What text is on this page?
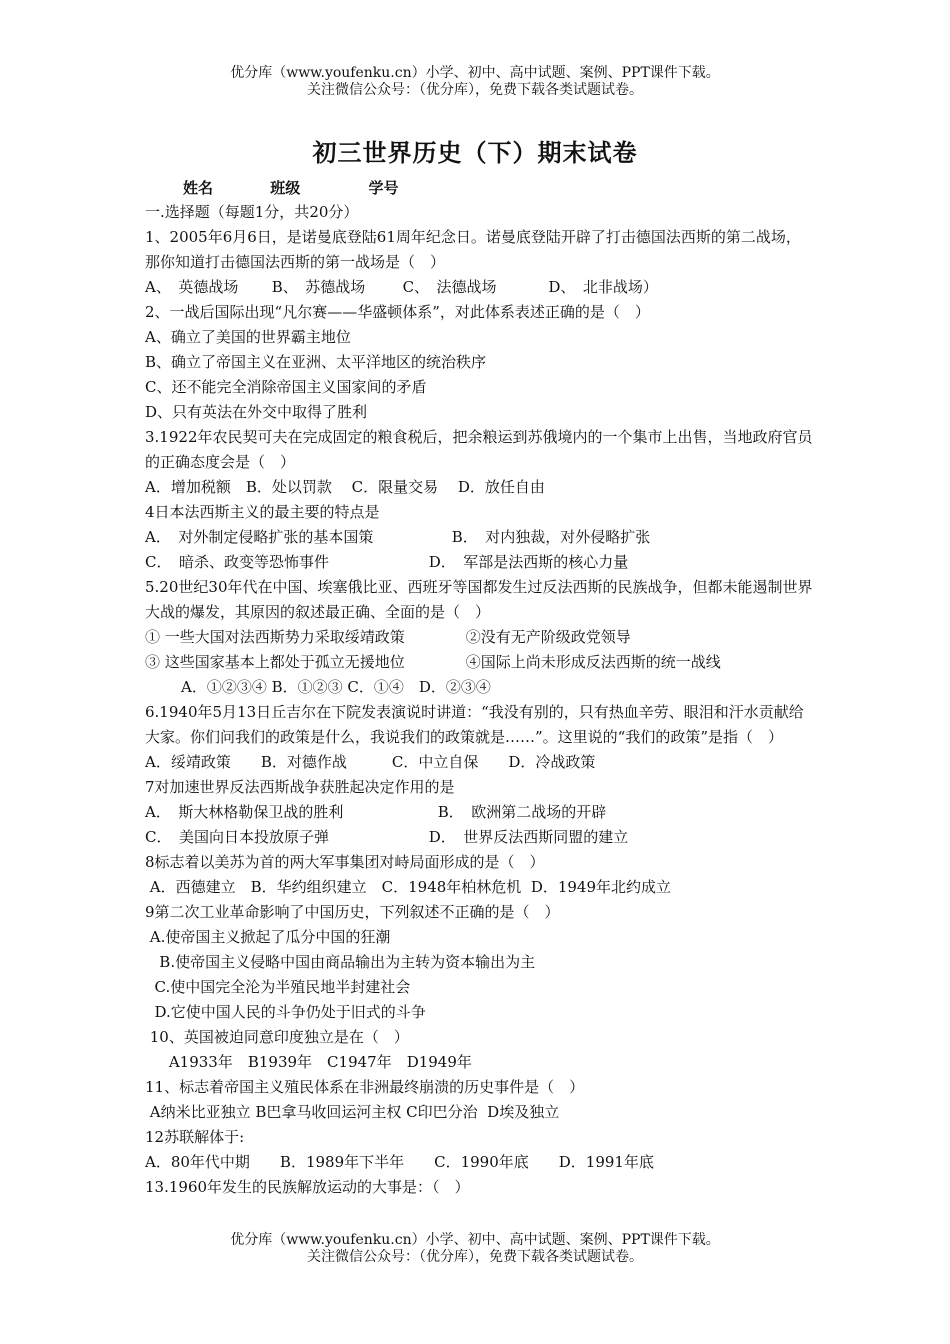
优分库（www.youfenku.cn）小学、初中、高中试题、案例、PPT课件下载。
关注微信公众号：（优分库），免费下载各类试题试卷。
初三世界历史（下）期末试卷
姓名	班级	学号
一.选择题（每题1分，共20分）
1、2005年6月6日，是诺曼底登陆61周年纪念日。诺曼底登陆开辟了打击德国法西斯的第二战场，那你知道打击德国法西斯的第一战场是（　）
A、　英德战场 B、　苏德战场 C、　法德战场	D、　北非战场）
2、一战后国际出现“凡尔赛——华盛顿体系”，对此体系表述正确的是（　）
A、确立了美国的世界霸主地位
B、确立了帝国主义在亚洲、太平洋地区的统治秩序
C、还不能完全消除帝国主义国家间的矛盾
D、只有英法在外交中取得了胜利
3.1922年农民契可夫在完成固定的粮食税后，把余粮运到苏俄境内的一个集市上出售，当地政府官员的正确态度会是（　）
A．增加税额　B．处以罚款　 C．限量交易　 D．放任自由
4日本法西斯主义的最主要的特点是
A．　对外制定侵略扩张的基本国策	B．　对内独裁，对外侵略扩张
C．　暗杀、政变等恐怖事件	D．　军部是法西斯的核心力量
5.20世纪30年代在中国、埃塞俄比亚、西班牙等国都发生过反法西斯的民族战争，但都未能遏制世界大战的爆发，其原因的叙述最正确、全面的是（　）
① 一些大国对法西斯势力采取绥靖政策	②没有无产阶级政党领导
③ 这些国家基本上都处于孤立无援地位	④国际上尚未形成反法西斯的统一战线
A．①②③④ B．①②③ C．①④　D．②③④
6.1940年5月13日丘吉尔在下院发表演说时讲道：“我没有别的，只有热血辛劳、眼泪和汗水贡献给大家。你们问我们的政策是什么，我说我们的政策就是……”。这里说的“我们的政策”是指（　）
A．绥靖政策　　B．对德作战　　　C．中立自保　　D．冷战政策
7对加速世界反法西斯战争获胜起决定作用的是
A．　斯大林格勒保卫战的胜利	B．　欧洲第二战场的开辟
C．　美国向日本投放原子弹	D．　世界反法西斯同盟的建立
8标志着以美苏为首的两大军事集团对峙局面形成的是（　）
A．西德建立　B．华约组织建立　C．1948年柏林危机  D．1949年北约成立
9第二次工业革命影响了中国历史，下列叙述不正确的是（　）
A.使帝国主义掀起了瓜分中国的狂潮
B.使帝国主义侵略中国由商品输出为主转为资本输出为主
C.使中国完全沦为半殖民地半封建社会
D.它使中国人民的斗争仍处于旧式的斗争
10、英国被迫同意印度独立是在（　）
A1933年　B1939年　C1947年　D1949年
11、标志着帝国主义殖民体系在非洲最终崩溃的历史事件是（　）
A纳米比亚独立 B巴拿马收回运河主权 C印巴分治  D埃及独立
12苏联解体于:
A．80年代中期　　B．1989年下半年　　C．1990年底　　D．1991年底
13.1960年发生的民族解放运动的大事是：（　）
优分库（www.youfenku.cn）小学、初中、高中试题、案例、PPT课件下载。
关注微信公众号：（优分库），免费下载各类试题试卷。
